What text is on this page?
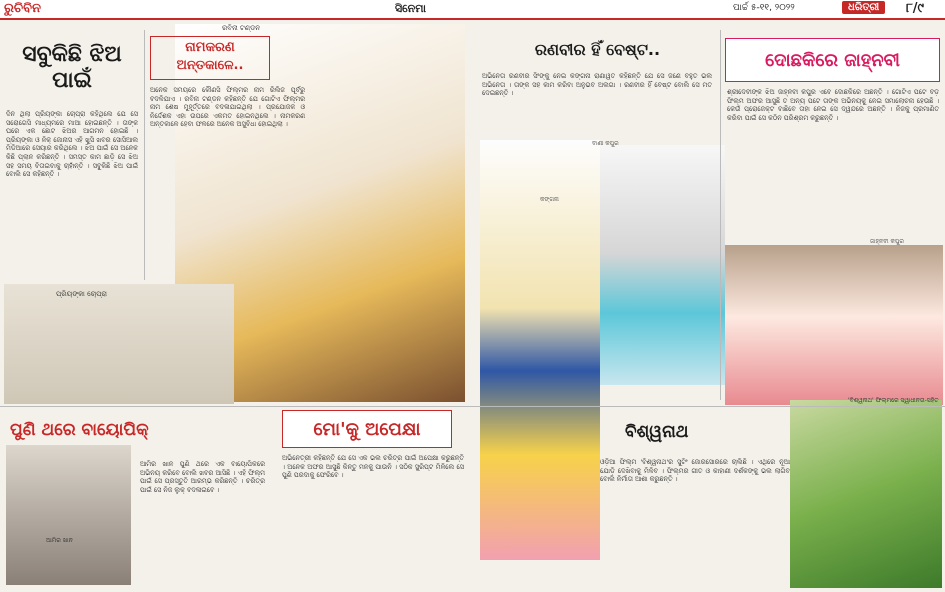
ରୁଚିବିନ	ସିନେମା	ପାର୍ଚ୍ଚ ୫-୧୧, ୨୦୨୨	ଧରିତ୍ରୀ	୮/୯
ସବୁକିଛି ଝିଅ ପାଇଁ
ଦିନ ଥିଲା ପ୍ରିୟଙ୍କା ଚୋପ୍ରା କହିଥିଲେ ଯେ ସେ ସରୋଗେସି ମାଧ୍ୟମରେ ମାଆ ହୋଇଛନ୍ତି । ତାଙ୍କ ଘରେ ଏକ ଛୋଟ ଝିଅର ଆଗମନ ହୋଇଛି । ପ୍ରିୟଙ୍କା ଓ ନିକ୍ ଜୋନାସ ଏହି ଖୁସି ଖବର ସୋସିଆଲ ମିଡିଆରେ ସେୟାର କରିଥିଲେ । ଝିଅ ପାଇଁ ସେ ଅନେକ କିଛି ପ୍ଲାନ କରିଛନ୍ତି । ସମସ୍ତ କାମ ଛାଡ଼ି ସେ ଝିଅ ସହ ସମୟ ବିତାଇବାକୁ ଚାହାଁନ୍ତି । ସବୁକିଛି ଝିଅ ପାଇଁ ବୋଲି ସେ କହିଛନ୍ତି ।
ପ୍ରିୟଙ୍କା ଚୋପ୍ରା
ରବିନା ଟଣ୍ଡନ
ନାମକରଣ ଅନ୍ତକାଳେ..
ଅନେକ ସମୟରେ କୌଣସି ଫିଲ୍ମର ନାମ ରିଲିଜ ପୂର୍ବରୁ ବଦଳିଯାଏ । ରବିନା ଟଣ୍ଡନ କହିଛନ୍ତି ଯେ ଗୋଟିଏ ଫିଲ୍ମର ନାମ ଶେଷ ମୁହୂର୍ତ୍ତରେ ବଦଳାଯାଇଥିଲା । ପ୍ରଯୋଜକ ଓ ନିର୍ଦ୍ଦେଶକ ଏହା ଉପରେ ଏକମତ ହୋଇନଥିଲେ । ନାମକରଣ ଅନ୍ତକାଳେ ହେବା ଫଳରେ ଅନେକ ଅସୁବିଧା ହୋଇଥିଲା ।
ରଣବୀର ହିଁ ବେଷ୍ଟ..
ଅଭିନେତା ରଣବୀର ସିଂଙ୍କୁ ନେଇ କଙ୍ଗନା ରାଣାୱତ କହିଛନ୍ତି ଯେ ସେ ଜଣେ ବହୁତ ଭଲ ଅଭିନେତା । ତାଙ୍କ ସହ କାମ କରିବା ଅନୁଭବ ଅଲଗା । ରଣବୀର ହିଁ ବେଷ୍ଟ ବୋଲି ସେ ମତ ଦେଇଛନ୍ତି ।
କଙ୍ଗନା
ବାଣୀ କପୁର
ଦୋଛକିରେ ଜାହ୍ନବୀ
ଶ୍ରୀଦେବୀଙ୍କ ଝିଅ ଜାହ୍ନବୀ କପୁର ଏବେ ଦୋଛକିରେ ଅଛନ୍ତି । ଗୋଟିଏ ପଟେ ବଡ଼ ଫିଲ୍ମ ଅଫର ଆସୁଛି ତ ଅନ୍ୟ ପଟେ ତାଙ୍କ ଅଭିନୟକୁ ନେଇ ସମାଲୋଚନା ହେଉଛି । କେଉଁ ପ୍ରୋଜେକ୍ଟ ବାଛିବେ ତାହା ନେଇ ସେ ଦ୍ୱନ୍ଦରେ ଅଛନ୍ତି । ନିଜକୁ ପ୍ରମାଣିତ କରିବା ପାଇଁ ସେ କଠିନ ପରିଶ୍ରମ କରୁଛନ୍ତି ।
ଜାହ୍ନବୀ କପୁର
ପୁଣି ଥରେ ବାୟୋପିକ୍
ଆମିର ଖାନ ପୁଣି ଥରେ ଏକ ବାୟୋପିକରେ ଅଭିନୟ କରିବେ ବୋଲି ଖବର ଆସିଛି । ଏହି ଫିଲ୍ମ ପାଇଁ ସେ ପ୍ରସ୍ତୁତି ଆରମ୍ଭ କରିଛନ୍ତି । ଚରିତ୍ର ପାଇଁ ସେ ନିଜ ଲୁକ୍ ବଦଳାଇବେ ।
ଆମିର ଖାନ
ମୋ'କୁ ଅପେକ୍ଷା
ଅଭିନେତ୍ରୀ କହିଛନ୍ତି ଯେ ସେ ଏକ ଭଲ ଚରିତ୍ର ପାଇଁ ଅପେକ୍ଷା କରୁଛନ୍ତି । ଅନେକ ଅଫର ଆସୁଛି କିନ୍ତୁ ମନକୁ ପାଉନି । ସଠିକ ସ୍କ୍ରିପ୍ଟ ମିଳିଲେ ସେ ପୁଣି ପରଦାକୁ ଫେରିବେ ।
ବିଶ୍ୱନାଥ
ଓଡ଼ିଆ ଫିଲ୍ମ 'ବିଶ୍ୱନାଥ'ର ସୁଟିଂ ଜୋରସୋରରେ ଚାଲିଛି । ଏଥିରେ ନୂଆ ଯୋଡ଼ି ଦେଖିବାକୁ ମିଳିବ । ଫିଲ୍ମର ଗୀତ ଓ କାହାଣୀ ଦର୍ଶକଙ୍କୁ ଭଲ ଲାଗିବ ବୋଲି ନିର୍ମାତା ଆଶା କରୁଛନ୍ତି ।
'ବିଶ୍ୱନାଥ' ଫିଲ୍ମରେ ସ୍ୱାଧୀନତା-ସହିତ
